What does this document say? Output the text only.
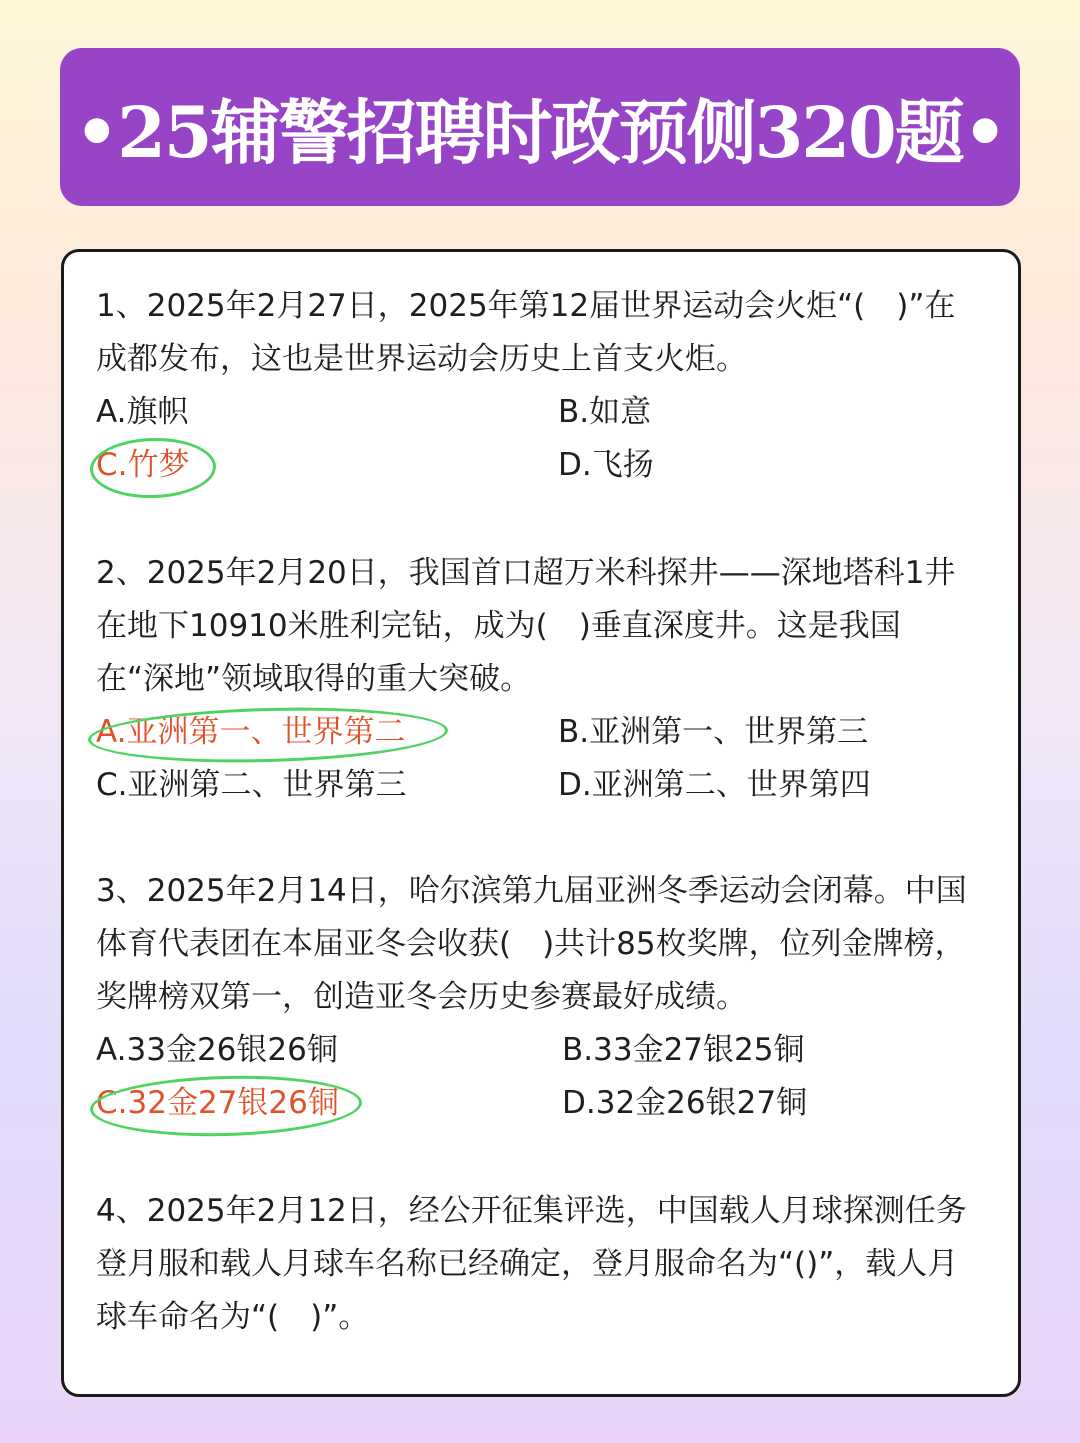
•25辅警招聘时政预侧320题•

1、2025年2月27日，2025年第12届世界运动会火炬“(　)”在成都发布，这也是世界运动会历史上首支火炬。

A.旗帜	B.如意
C.竹梦	D.飞扬

2、2025年2月20日，我国首口超万米科探井——深地塔科1井在地下10910米胜利完钻，成为(　)垂直深度井。这是我国在“深地”领域取得的重大突破。

A.亚洲第一、世界第二	B.亚洲第一、世界第三
C.亚洲第二、世界第三	D.亚洲第二、世界第四

3、2025年2月14日，哈尔滨第九届亚洲冬季运动会闭幕。中国体育代表团在本届亚冬会收获(　)共计85枚奖牌，位列金牌榜，奖牌榜双第一，创造亚冬会历史参赛最好成绩。

A.33金26银26铜	B.33金27银25铜
C.32金27银26铜	D.32金26银27铜

4、2025年2月12日，经公开征集评选，中国载人月球探测任务登月服和载人月球车名称已经确定，登月服命名为“()”，载人月球车命名为“(　)”。
